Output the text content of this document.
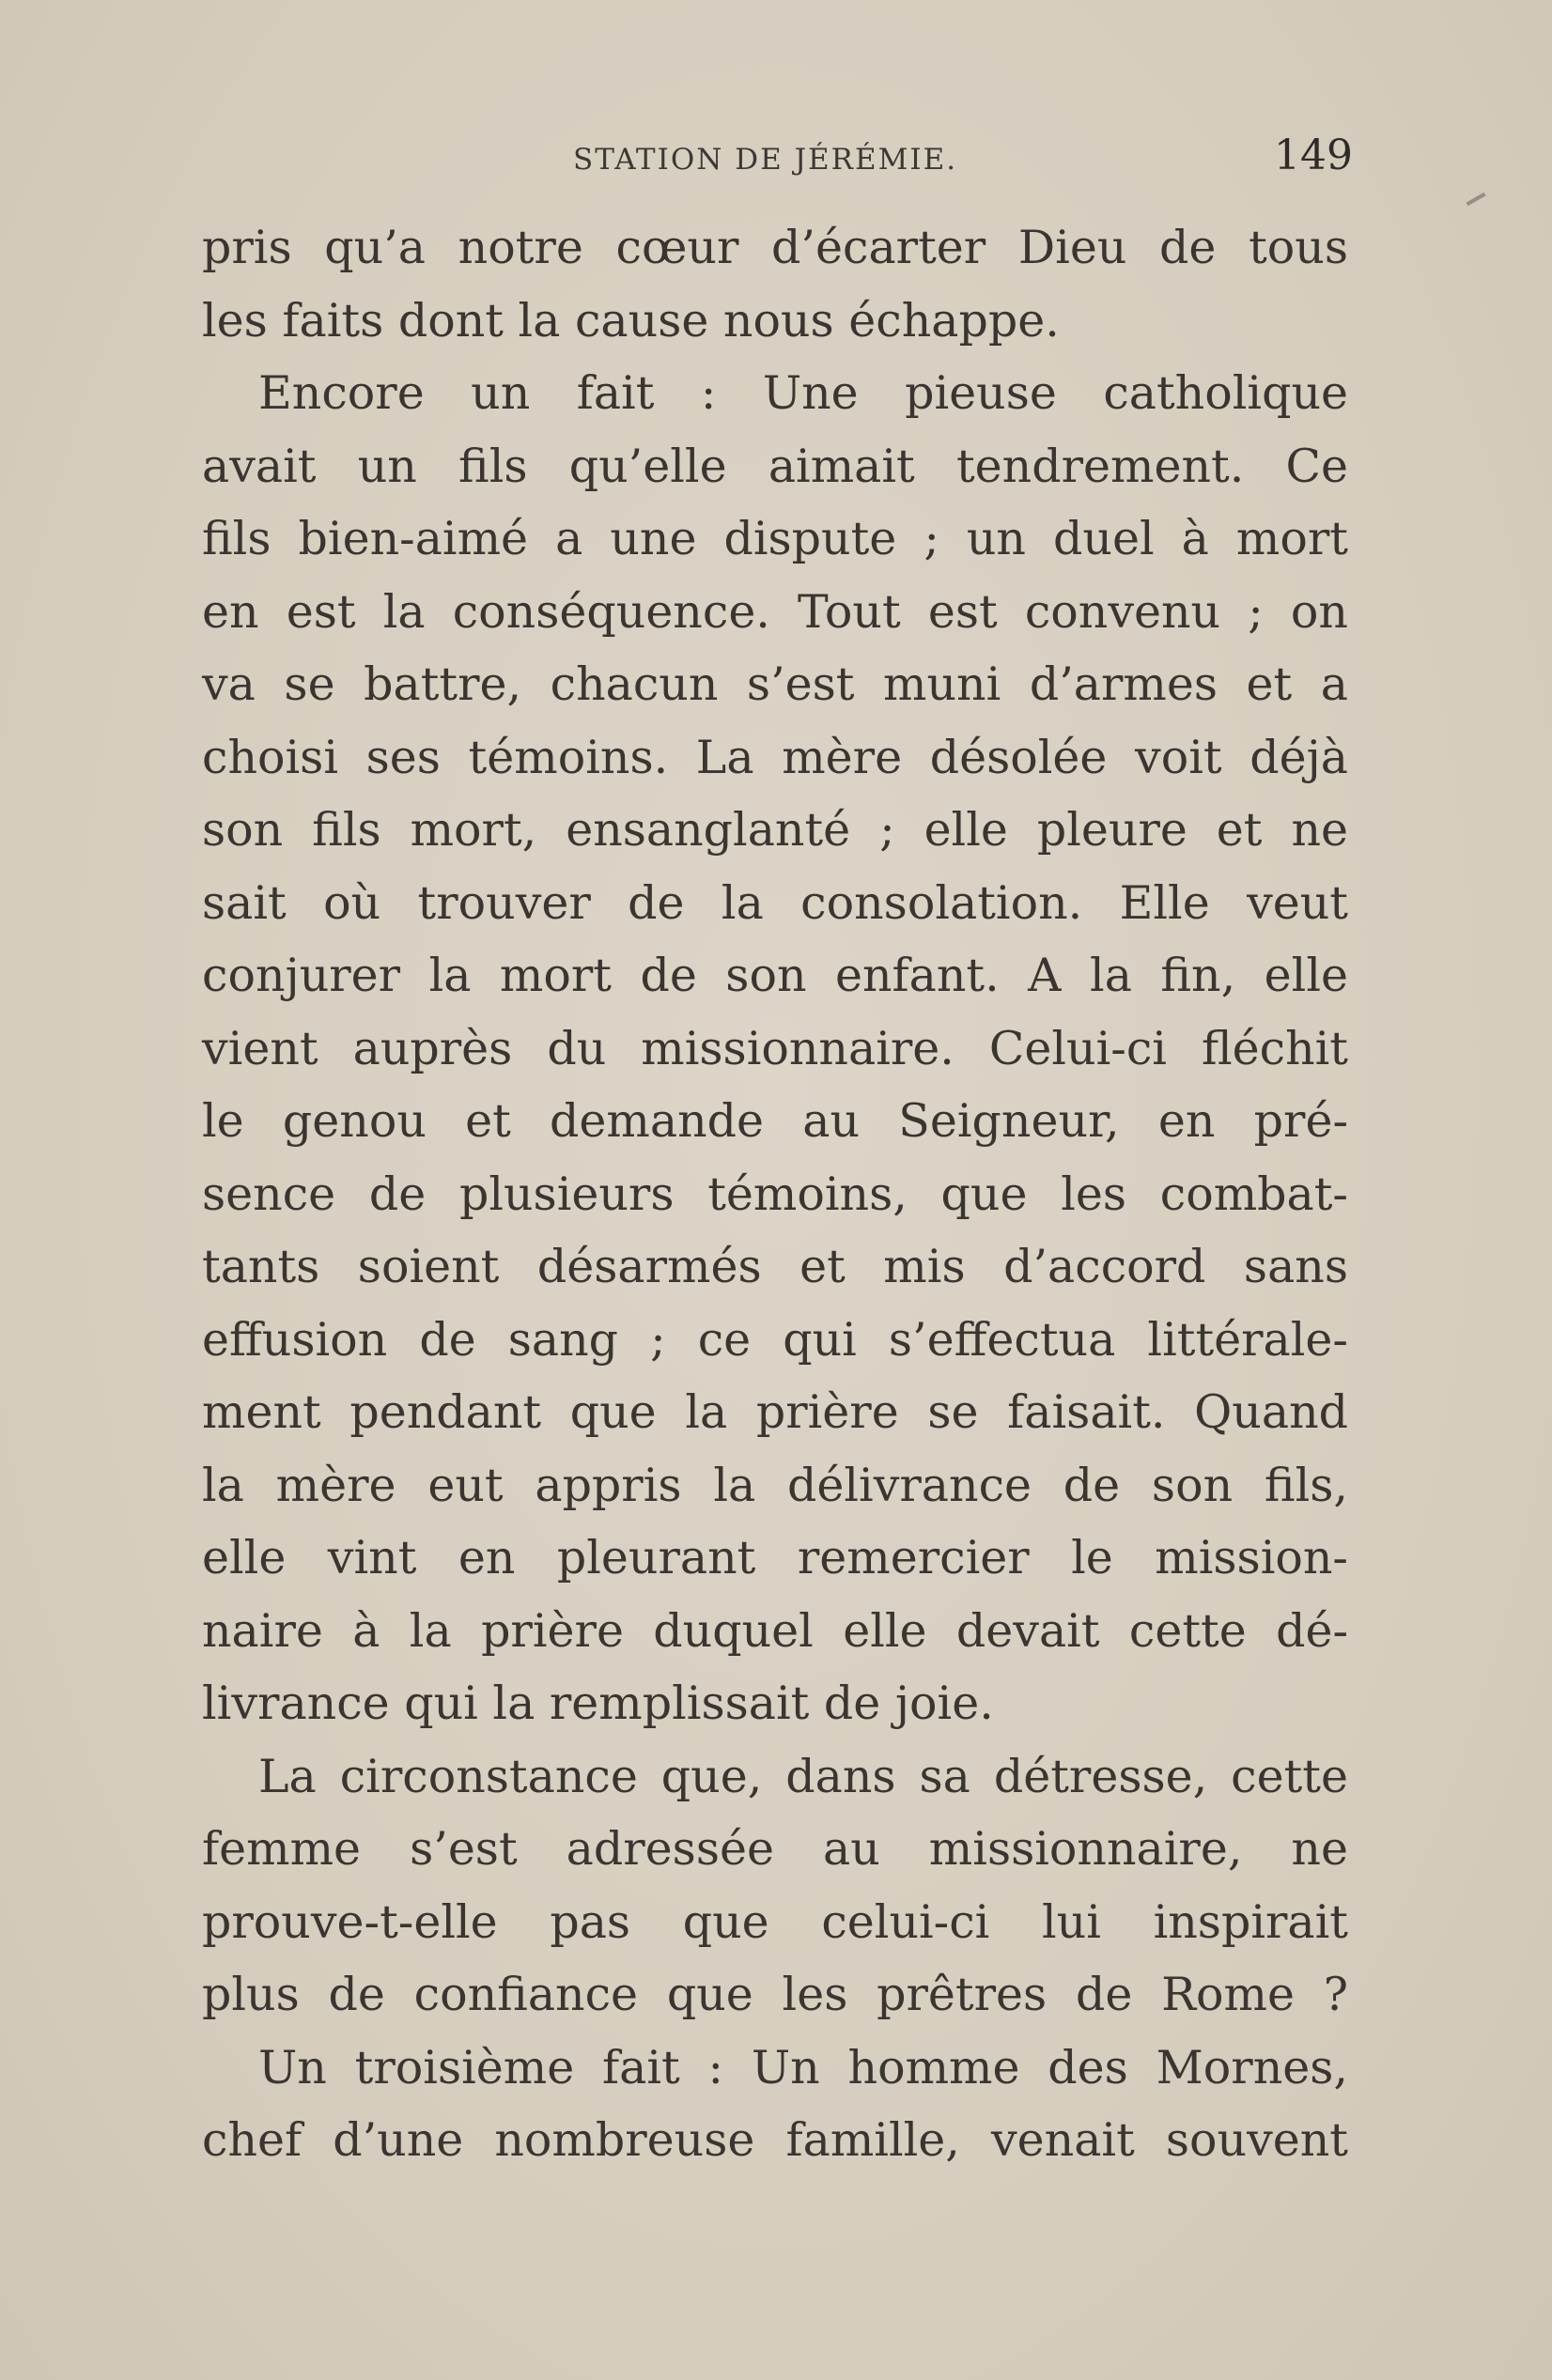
STATION DE JÉRÉMIE.	149
pris qu’a notre cœur d’écarter Dieu de tous
les faits dont la cause nous échappe.
Encore un fait : Une pieuse catholique
avait un fils qu’elle aimait tendrement. Ce
fils bien-aimé a une dispute ; un duel à mort
en est la conséquence. Tout est convenu ; on
va se battre, chacun s’est muni d’armes et a
choisi ses témoins. La mère désolée voit déjà
son fils mort, ensanglanté ; elle pleure et ne
sait où trouver de la consolation. Elle veut
conjurer la mort de son enfant. A la fin, elle
vient auprès du missionnaire. Celui-ci fléchit
le genou et demande au Seigneur, en pré-
sence de plusieurs témoins, que les combat-
tants soient désarmés et mis d’accord sans
effusion de sang ; ce qui s’effectua littérale-
ment pendant que la prière se faisait. Quand
la mère eut appris la délivrance de son fils,
elle vint en pleurant remercier le mission-
naire à la prière duquel elle devait cette dé-
livrance qui la remplissait de joie.
La circonstance que, dans sa détresse, cette
femme s’est adressée au missionnaire, ne
prouve-t-elle pas que celui-ci lui inspirait
plus de confiance que les prêtres de Rome ?
Un troisième fait : Un homme des Mornes,
chef d’une nombreuse famille, venait souvent
